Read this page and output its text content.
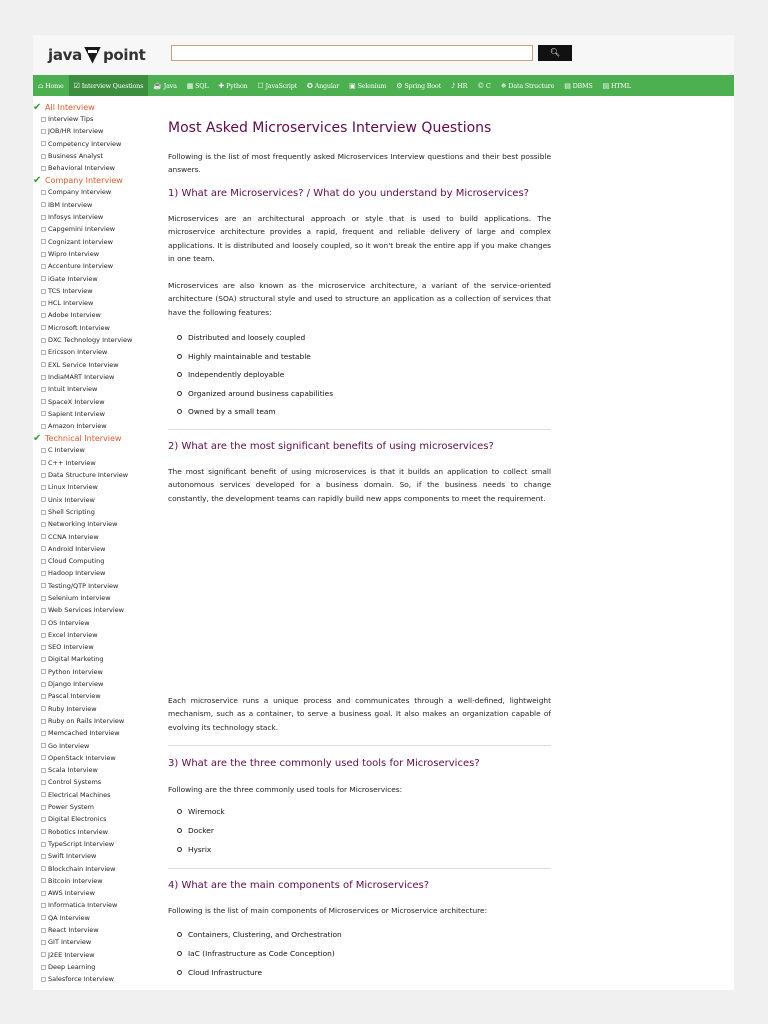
java point	🔍︎
⌂ Home ☑ Interview Questions ☕ Java ▦ SQL ✚ Python ☐ JavaScript ✪ Angular ▣ Selenium ⚙ Spring Boot ♪ HR © C ✵ Data Structure ▤ DBMS ▤ HTML
✔ All Interview
Interview Tips
JOB/HR Interview
Competency Interview
Business Analyst
Behavioral Interview
✔ Company Interview
Company Interview
IBM Interview
Infosys Interview
Capgemini Interview
Cognizant Interview
Wipro Interview
Accenture Interview
iGate Interview
TCS Interview
HCL Interview
Adobe Interview
Microsoft Interview
DXC Technology Interview
Ericsson Interview
EXL Service Interview
IndiaMART Interview
Intuit Interview
SpaceX Interview
Sapient Interview
Amazon Interview
✔ Technical Interview
C Interview
C++ Interview
Data Structure Interview
Linux Interview
Unix Interview
Shell Scripting
Networking Interview
CCNA Interview
Android Interview
Cloud Computing
Hadoop Interview
Testing/QTP Interview
Selenium Interview
Web Services Interview
OS Interview
Excel Interview
SEO Interview
Digital Marketing
Python Interview
Django Interview
Pascal Interview
Ruby Interview
Ruby on Rails Interview
Memcached Interview
Go Interview
OpenStack Interview
Scala Interview
Control Systems
Electrical Machines
Power System
Digital Electronics
Robotics Interview
TypeScript Interview
Swift Interview
Blockchain Interview
Bitcoin Interview
AWS Interview
Informatica Interview
QA Interview
React Interview
GIT Interview
J2EE Interview
Deep Learning
Salesforce Interview
Most Asked Microservices Interview Questions
Following is the list of most frequently asked Microservices Interview questions and their best possible answers.
1) What are Microservices? / What do you understand by Microservices?
Microservices are an architectural approach or style that is used to build applications. The microservice architecture provides a rapid, frequent and reliable delivery of large and complex applications. It is distributed and loosely coupled, so it won't break the entire app if you make changes in one team.
Microservices are also known as the microservice architecture, a variant of the service-oriented architecture (SOA) structural style and used to structure an application as a collection of services that have the following features:
Distributed and loosely coupled
Highly maintainable and testable
Independently deployable
Organized around business capabilities
Owned by a small team
2) What are the most significant benefits of using microservices?
The most significant benefit of using microservices is that it builds an application to collect small autonomous services developed for a business domain. So, if the business needs to change constantly, the development teams can rapidly build new apps components to meet the requirement.
Each microservice runs a unique process and communicates through a well-defined, lightweight mechanism, such as a container, to serve a business goal. It also makes an organization capable of evolving its technology stack.
3) What are the three commonly used tools for Microservices?
Following are the three commonly used tools for Microservices:
Wiremock
Docker
Hysrix
4) What are the main components of Microservices?
Following is the list of main components of Microservices or Microservice architecture:
Containers, Clustering, and Orchestration
IaC (Infrastructure as Code Conception)
Cloud Infrastructure
